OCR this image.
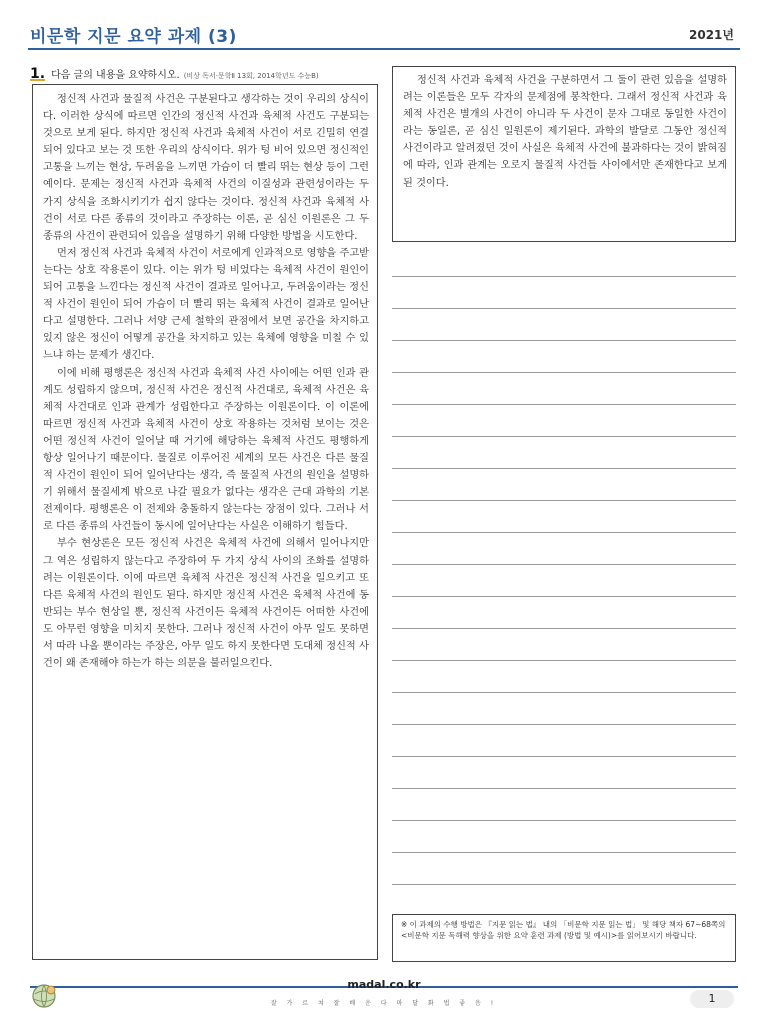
비문학 지문 요약 과제 (3)	2021년
1. 다음 글의 내용을 요약하시오. (비상 독서·문학Ⅱ 13회, 2014학년도 수능B)

정신적 사건과 물질적 사건은 구분된다고 생각하는 것이 우리의 상식이다. 이러한 상식에 따르면 인간의 정신적 사건과 육체적 사건도 구분되는 것으로 보게 된다. 하지만 정신적 사건과 육체적 사건이 서로 긴밀히 연결되어 있다고 보는 것 또한 우리의 상식이다. 위가 텅 비어 있으면 정신적인 고통을 느끼는 현상, 두려움을 느끼면 가슴이 더 빨리 뛰는 현상 등이 그런 예이다. 문제는 정신적 사건과 육체적 사건의 이질성과 관련성이라는 두 가지 상식을 조화시키기가 쉽지 않다는 것이다. 정신적 사건과 육체적 사건이 서로 다른 종류의 것이라고 주장하는 이론, 곧 심신 이원론은 그 두 종류의 사건이 관련되어 있음을 설명하기 위해 다양한 방법을 시도한다.

먼저 정신적 사건과 육체적 사건이 서로에게 인과적으로 영향을 주고받는다는 상호 작용론이 있다. 이는 위가 텅 비었다는 육체적 사건이 원인이 되어 고통을 느낀다는 정신적 사건이 결과로 일어나고, 두려움이라는 정신적 사건이 원인이 되어 가슴이 더 빨리 뛰는 육체적 사건이 결과로 일어난다고 설명한다. 그러나 서양 근세 철학의 관점에서 보면 공간을 차지하고 있지 않은 정신이 어떻게 공간을 차지하고 있는 육체에 영향을 미칠 수 있느냐 하는 문제가 생긴다.

이에 비해 평행론은 정신적 사건과 육체적 사건 사이에는 어떤 인과 관계도 성립하지 않으며, 정신적 사건은 정신적 사건대로, 육체적 사건은 육체적 사건대로 인과 관계가 성립한다고 주장하는 이원론이다. 이 이론에 따르면 정신적 사건과 육체적 사건이 상호 작용하는 것처럼 보이는 것은 어떤 정신적 사건이 일어날 때 거기에 해당하는 육체적 사건도 평행하게 항상 일어나기 때문이다. 물질로 이루어진 세계의 모든 사건은 다른 물질적 사건이 원인이 되어 일어난다는 생각, 즉 물질적 사건의 원인을 설명하기 위해서 물질세계 밖으로 나갈 필요가 없다는 생각은 근대 과학의 기본 전제이다. 평행론은 이 전제와 충돌하지 않는다는 장점이 있다. 그러나 서로 다른 종류의 사건들이 동시에 일어난다는 사실은 이해하기 힘들다.

부수 현상론은 모든 정신적 사건은 육체적 사건에 의해서 일어나지만 그 역은 성립하지 않는다고 주장하여 두 가지 상식 사이의 조화를 설명하려는 이원론이다. 이에 따르면 육체적 사건은 정신적 사건을 일으키고 또 다른 육체적 사건의 원인도 된다. 하지만 정신적 사건은 육체적 사건에 동반되는 부수 현상일 뿐, 정신적 사건이든 육체적 사건이든 어떠한 사건에도 아무런 영향을 미치지 못한다. 그러나 정신적 사건이 아무 일도 못하면서 따라 나올 뿐이라는 주장은, 아무 일도 하지 못한다면 도대체 정신적 사건이 왜 존재해야 하는가 하는 의문을 불러일으킨다.

정신적 사건과 육체적 사건을 구분하면서 그 둘이 관련 있음을 설명하려는 이론들은 모두 각자의 문제점에 봉착한다. 그래서 정신적 사건과 육체적 사건은 별개의 사건이 아니라 두 사건이 문자 그대로 동일한 사건이라는 동일론, 곧 심신 일원론이 제기된다. 과학의 발달로 그동안 정신적 사건이라고 알려졌던 것이 사실은 육체적 사건에 불과하다는 것이 밝혀짐에 따라, 인과 관계는 오로지 물질적 사건들 사이에서만 존재한다고 보게 된 것이다.

※ 이 과제의 수행 방법은 『지문 읽는 법』 내의 「비문학 지문 읽는 법」 및 해당 책자 67~68쪽의 <비문학 지문 독해력 향상을 위한 요약 훈련 과제 (방법 및 예시)>를 읽어보시기 바랍니다.
madal.co.kr
잘 가 르 쳐 잘 배 운 다 마 달 화 법 좋 음 !	1
